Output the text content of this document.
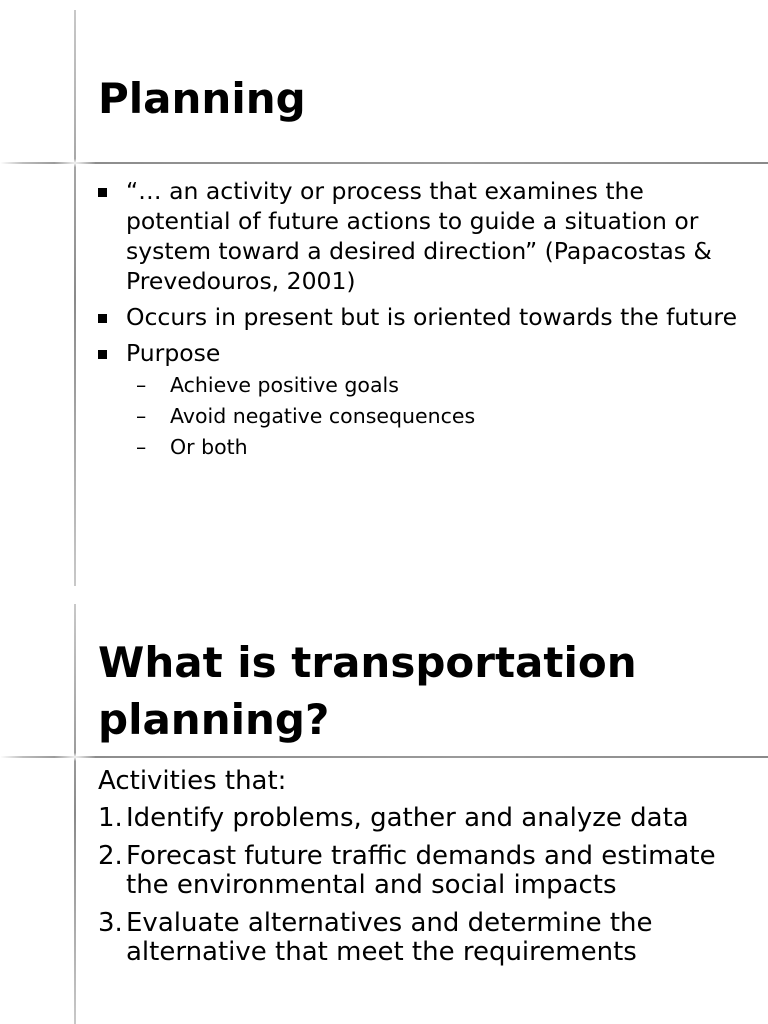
Planning
“… an activity or process that examines the potential of future actions to guide a situation or system toward a desired direction” (Papacostas & Prevedouros, 2001)
Occurs in present but is oriented towards the future
Purpose
– Achieve positive goals
– Avoid negative consequences
– Or both
What is transportation
planning?
Activities that:
1. Identify problems, gather and analyze data
2. Forecast future traffic demands and estimate the environmental and social impacts
3. Evaluate alternatives and determine the alternative that meet the requirements
